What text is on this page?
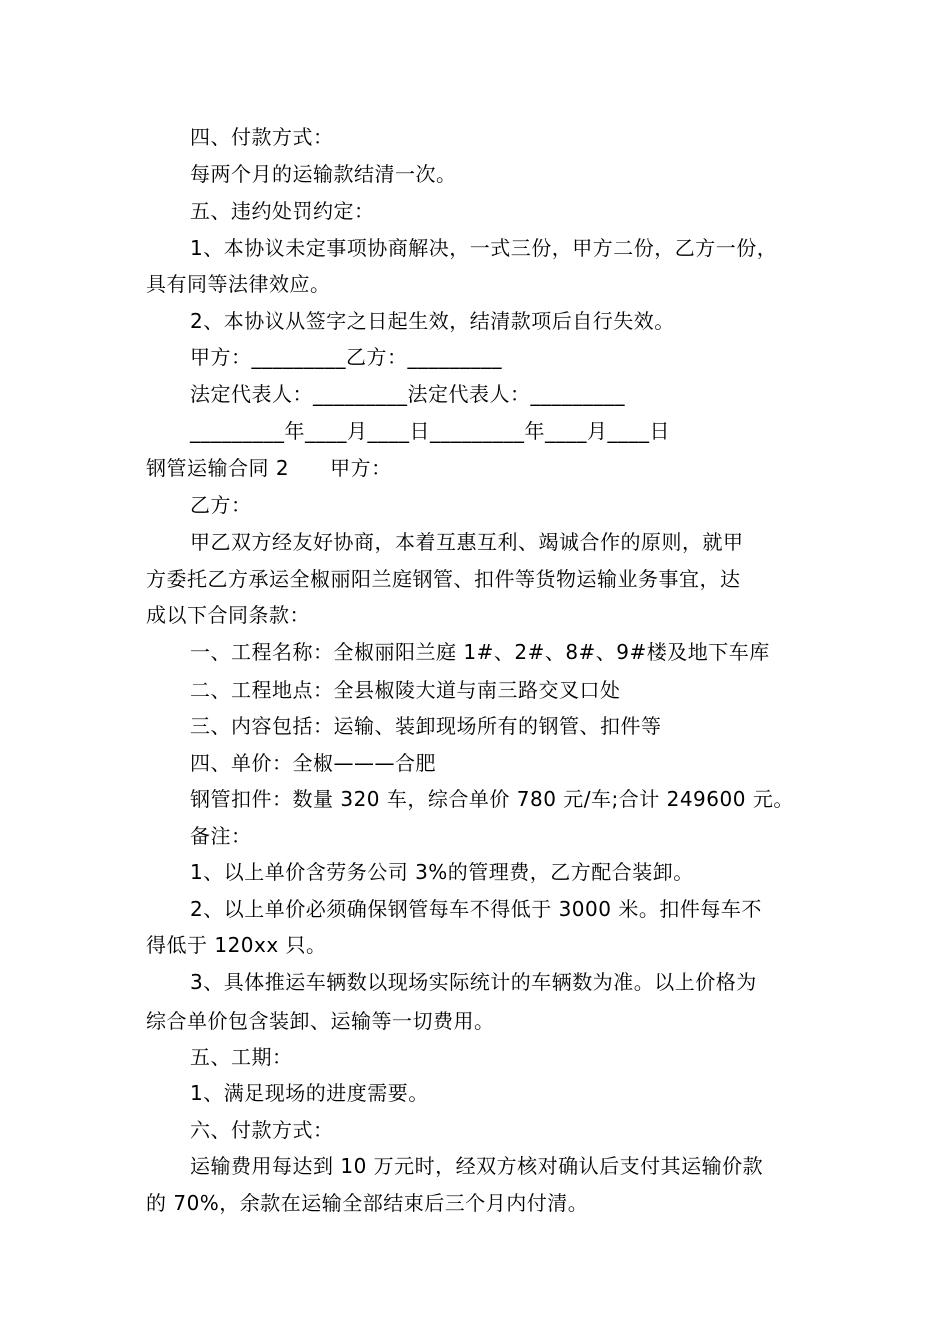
四、付款方式：
每两个月的运输款结清一次。
五、违约处罚约定：
1、本协议未定事项协商解决，一式三份，甲方二份，乙方一份，
具有同等法律效应。
2、本协议从签字之日起生效，结清款项后自行失效。
甲方：_________乙方：_________
法定代表人：_________法定代表人：_________
_________年____月____日_________年____月____日
钢管运输合同 2　　甲方：
乙方：
甲乙双方经友好协商，本着互惠互利、竭诚合作的原则，就甲
方委托乙方承运全椒丽阳兰庭钢管、扣件等货物运输业务事宜，达
成以下合同条款：
一、工程名称：全椒丽阳兰庭 1#、2#、8#、9#楼及地下车库
二、工程地点：全县椒陵大道与南三路交叉口处
三、内容包括：运输、装卸现场所有的钢管、扣件等
四、单价：全椒———合肥
钢管扣件：数量 320 车，综合单价 780 元/车;合计 249600 元。
备注：
1、以上单价含劳务公司 3%的管理费，乙方配合装卸。
2、以上单价必须确保钢管每车不得低于 3000 米。扣件每车不
得低于 120xx 只。
3、具体推运车辆数以现场实际统计的车辆数为准。以上价格为
综合单价包含装卸、运输等一切费用。
五、工期：
1、满足现场的进度需要。
六、付款方式：
运输费用每达到 10 万元时，经双方核对确认后支付其运输价款
的 70%，余款在运输全部结束后三个月内付清。
